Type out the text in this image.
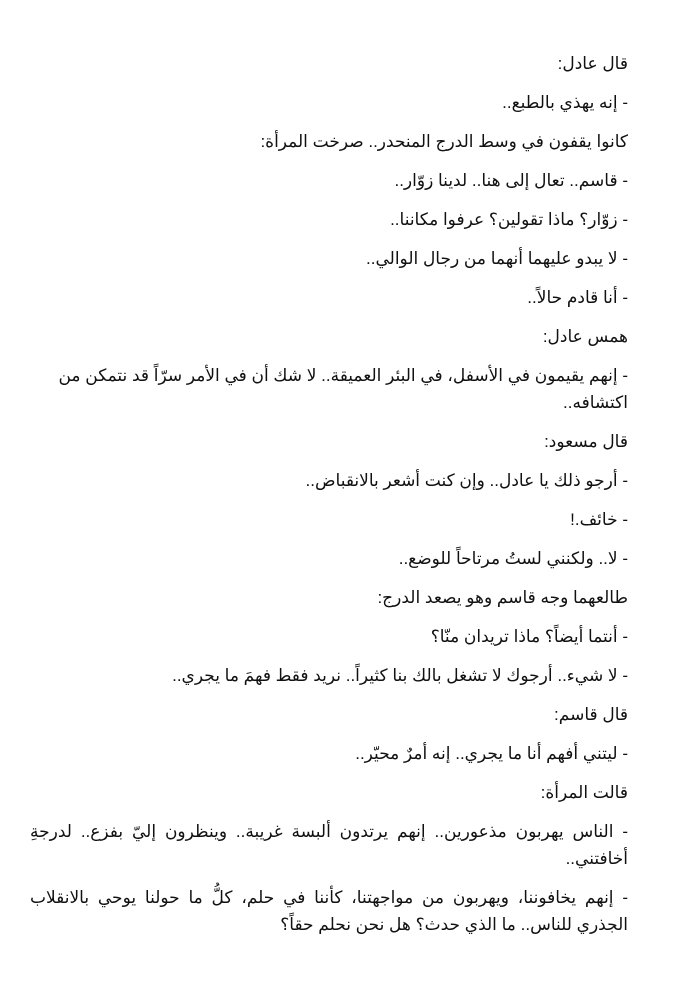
قال عادل:

- إنه يهذي بالطبع..

كانوا يقفون في وسط الدرج المنحدر.. صرخت المرأة:

- قاسم.. تعال إلى هنا.. لدينا زوّار..

- زوّار؟ ماذا تقولين؟ عرفوا مكاننا..

- لا يبدو عليهما أنهما من رجال الوالي..

- أنا قادم حالاً..

همس عادل:

- إنهم يقيمون في الأسفل، في البئر العميقة.. لا شك أن في الأمر سرّاً قد نتمكن من اكتشافه..

قال مسعود:

- أرجو ذلك يا عادل.. وإن كنت أشعر بالانقباض..

- خائف.!

- لا.. ولكنني لستُ مرتاحاً للوضع..

طالعهما وجه قاسم وهو يصعد الدرج:

- أنتما أيضاً؟ ماذا تريدان منّا؟

- لا شيء.. أرجوك لا تشغل بالك بنا كثيراً.. نريد فقط فهمَ ما يجري..

قال قاسم:

- ليتني أفهم أنا ما يجري.. إنه أمرٌ محيّر..

قالت المرأة:

- الناس يهربون مذعورين.. إنهم يرتدون ألبسة غريبة.. وينظرون إليّ بفزع.. لدرجةِ أخافتني..

- إنهم يخافوننا، ويهربون من مواجهتنا، كأننا في حلم، كلُّ ما حولنا يوحي بالانقلاب الجذري للناس.. ما الذي حدث؟ هل نحن نحلم حقاً؟
